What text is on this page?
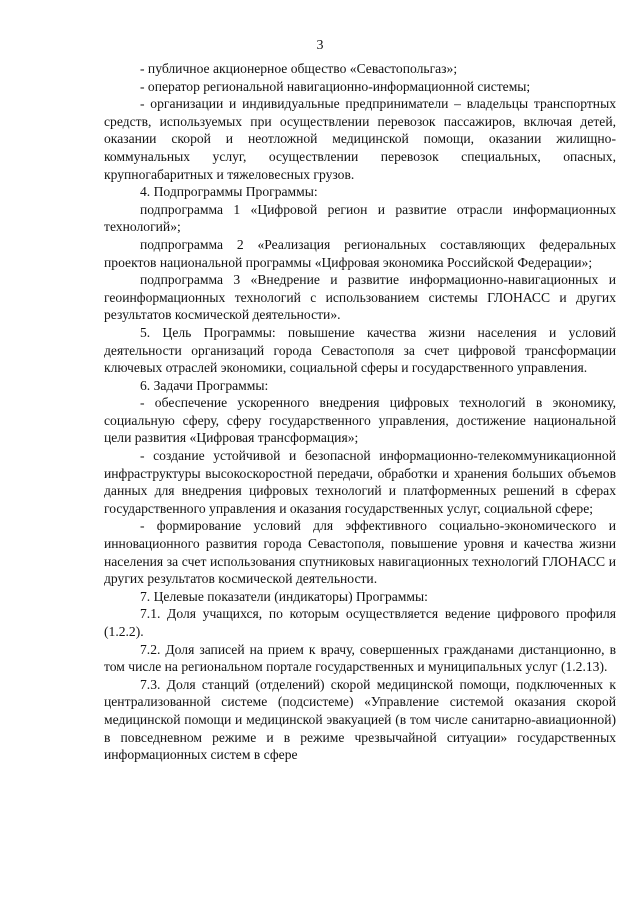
3

- публичное акционерное общество «Севастопольгаз»;

- оператор региональной навигационно-информационной системы;

- организации и индивидуальные предприниматели – владельцы транспортных средств, используемых при осуществлении перевозок пассажиров, включая детей, оказании скорой и неотложной медицинской помощи, оказании жилищно-коммунальных услуг, осуществлении перевозок специальных, опасных, крупногабаритных и тяжеловесных грузов.

4. Подпрограммы Программы:

подпрограмма 1 «Цифровой регион и развитие отрасли информационных технологий»;

подпрограмма 2 «Реализация региональных составляющих федеральных проектов национальной программы «Цифровая экономика Российской Федерации»;

подпрограмма 3 «Внедрение и развитие информационно-навигационных и геоинформационных технологий с использованием системы ГЛОНАСС и других результатов космической деятельности».

5. Цель Программы: повышение качества жизни населения и условий деятельности организаций города Севастополя за счет цифровой трансформации ключевых отраслей экономики, социальной сферы и государственного управления.

6. Задачи Программы:

- обеспечение ускоренного внедрения цифровых технологий в экономику, социальную сферу, сферу государственного управления, достижение национальной цели развития «Цифровая трансформация»;

- создание устойчивой и безопасной информационно-телекоммуникационной инфраструктуры высокоскоростной передачи, обработки и хранения больших объемов данных для внедрения цифровых технологий и платформенных решений в сферах государственного управления и оказания государственных услуг, социальной сфере;

- формирование условий для эффективного социально-экономического и инновационного развития города Севастополя, повышение уровня и качества жизни населения за счет использования спутниковых навигационных технологий ГЛОНАСС и других результатов космической деятельности.

7. Целевые показатели (индикаторы) Программы:

7.1. Доля учащихся, по которым осуществляется ведение цифрового профиля (1.2.2).

7.2. Доля записей на прием к врачу, совершенных гражданами дистанционно, в том числе на региональном портале государственных и муниципальных услуг (1.2.13).

7.3. Доля станций (отделений) скорой медицинской помощи, подключенных к централизованной системе (подсистеме) «Управление системой оказания скорой медицинской помощи и медицинской эвакуацией (в том числе санитарно-авиационной) в повседневном режиме и в режиме чрезвычайной ситуации» государственных информационных систем в сфере
